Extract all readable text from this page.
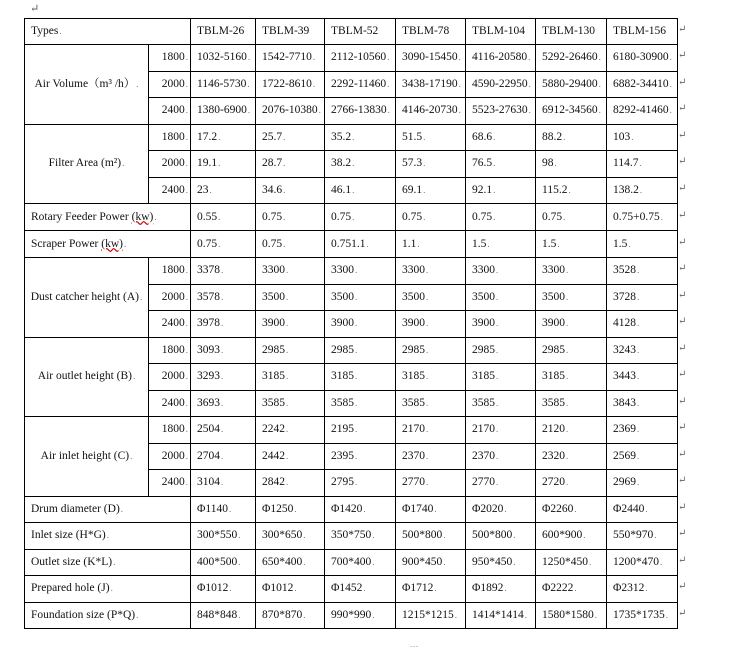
↵
Types.		TBLM-26	TBLM-39	TBLM-52	TBLM-78	TBLM-104	TBLM-130	TBLM-156

Air Volume（m³ /h）.	1800.	1032-5160.	1542-7710.	2112-10560.	3090-15450.	4116-20580.	5292-26460.	6180-30900.
	2000.	1146-5730.	1722-8610.	2292-11460.	3438-17190.	4590-22950.	5880-29400.	6882-34410.
	2400.	1380-6900.	2076-10380.	2766-13830.	4146-20730.	5523-27630.	6912-34560.	8292-41460.

Filter Area (m²).	1800.	17.2.	25.7.	35.2.	51.5.	68.6.	88.2.	103.
	2000.	19.1.	28.7.	38.2.	57.3.	76.5.	98.	114.7.
	2400.	23.	34.6.	46.1.	69.1.	92.1.	115.2.	138.2.
Rotary Feeder Power (kw).		0.55.	0.75.	0.75.	0.75.	0.75.	0.75.	0.75+0.75.
Scraper Power (kw).		0.75.	0.75.	0.751.1.	1.1.	1.5.	1.5.	1.5.

Dust catcher height (A).	1800.	3378.	3300.	3300.	3300.	3300.	3300.	3528.
	2000.	3578.	3500.	3500.	3500.	3500.	3500.	3728.
	2400.	3978.	3900.	3900.	3900.	3900.	3900.	4128.

Air outlet height (B).	1800.	3093.	2985.	2985.	2985.	2985.	2985.	3243.
	2000.	3293.	3185.	3185.	3185.	3185.	3185.	3443.
	2400.	3693.	3585.	3585.	3585.	3585.	3585.	3843.

Air inlet height (C).	1800.	2504.	2242.	2195.	2170.	2170.	2120.	2369.
	2000.	2704.	2442.	2395.	2370.	2370.	2320.	2569.
	2400.	3104.	2842.	2795.	2770.	2770.	2720.	2969.
Drum diameter (D).		Φ1140.	Φ1250.	Φ1420.	Φ1740.	Φ2020.	Φ2260.	Φ2440.
Inlet size (H*G).		300*550.	300*650.	350*750.	500*800.	500*800.	600*900.	550*970.
Outlet size (K*L).		400*500.	650*400.	700*400.	900*450.	950*450.	1250*450.	1200*470.
Prepared hole (J).		Φ1012.	Φ1012.	Φ1452.	Φ1712.	Φ1892.	Φ2222.	Φ2312.
Foundation size (P*Q).		848*848.	870*870.	990*990.	1215*1215.	1414*1414.	1580*1580.	1735*1735.
↵
↵
↵
↵
↵
↵
↵
↵
↵
↵
↵
↵
↵
↵
↵
↵
↵
↵
↵
↵
↵
↵
↵
...
